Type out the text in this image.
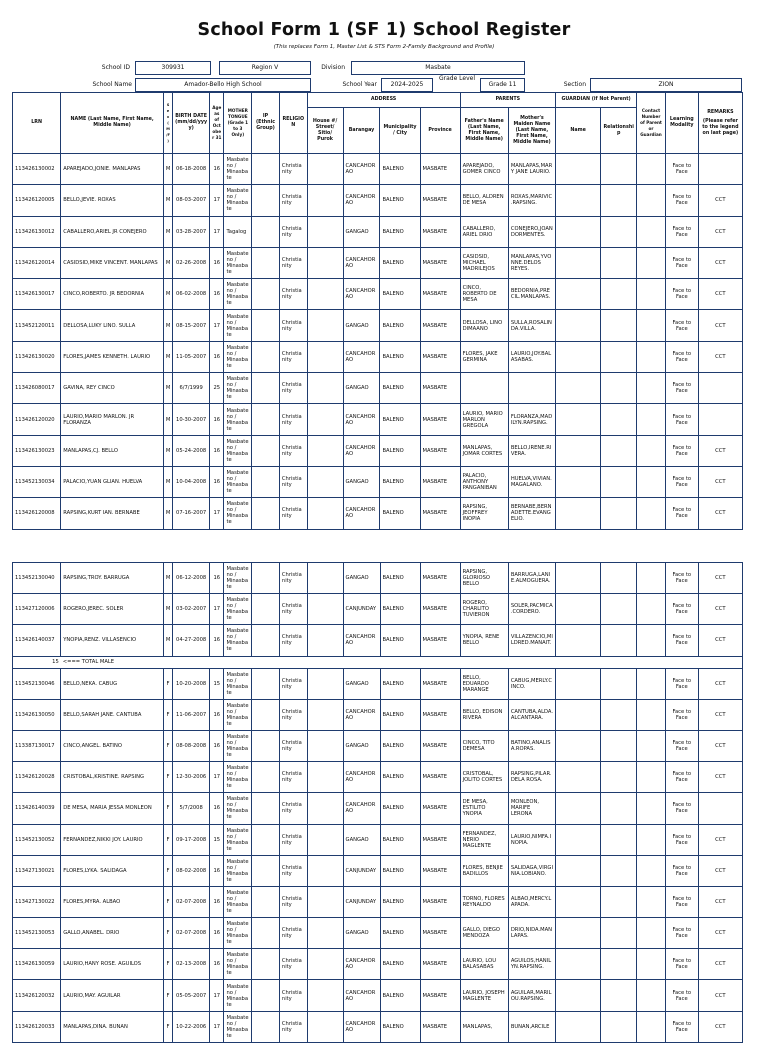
School Form 1 (SF 1) School Register
(This replaces Form 1, Master List & STS Form 2-Family Background and Profile)
School ID	309931	Region V	Division	Masbate
School Name	Amador-Bello High School	School Year	2024-2025
Grade Level
Grade 11	Section	ZION
LRN	NAME (Last Name, First Name, Middle Name)	Sex (M/F)	BIRTH DATE (mm/dd/yyyy)	Age as of October 31	MOTHER TONGUE (Grade 1 to 3 Only)	IP (Ethnic Group)	RELIGION	ADDRESS				PARENTS		GUARDIAN (if Not Parent)		Contact Number of Parent or Guardian	Learning Modality	REMARKS
(Please refer to the legend on last page)

								House #/ Street/ Sitio/ Purok	Barangay	Municipality / City	Province	Father's Name (Last Name, First Name, Middle Name)	Mother's Maiden Name (Last Name, First Name, Middle Name)	Name	Relationship			
113426130002	APAREJADO,JONIE. MANLAPAS	M	06-18-2008	16	Masbateno / Minasbate		Christianity		CANCAHORAO	BALENO	MASBATE	APAREJADO, GOMER CINCO	MANLAPAS,MARY JANE LAURIO.				Face to Face	
113426120005	BELLO,JEVIE. ROXAS	M	08-03-2007	17	Masbateno / Minasbate		Christianity		CANCAHORAO	BALENO	MASBATE	BELLO, ALDREN DE MESA	ROXAS,MARIVIC.RAPSING.				Face to Face	CCT
113426130012	CABALLERO,ARIEL JR CONEJERO	M	03-28-2007	17	Tagalog		Christianity		GANGAO	BALENO	MASBATE	CABALLERO, ARIEL DRIO	CONEJERO,JOAN DORMENTES.				Face to Face	CCT
113426120014	CASIDSID,MIKE VINCENT. MANLAPAS	M	02-26-2008	16	Masbateno / Minasbate		Christianity		CANCAHORAO	BALENO	MASBATE	CASIDSID, MICHAEL MADRILEJOS	MANLAPAS,YVONNE.DELOS REYES.				Face to Face	CCT
113426130017	CINCO,ROBERTO. JR BEDORNIA	M	06-02-2008	16	Masbateno / Minasbate		Christianity		CANCAHORAO	BALENO	MASBATE	CINCO, ROBERTO DE MESA	BEDORNIA,PRECIL.MANLAPAS.				Face to Face	CCT
113452120011	DELLOSA,LUKY LINO. SULLA	M	08-15-2007	17	Masbateno / Minasbate		Christianity		GANGAO	BALENO	MASBATE	DELLOSA, LINO DIMAANO	SULLA,ROSALINDA.VILLA.				Face to Face	CCT
113426130020	FLORES,JAMES KENNETH. LAURIO	M	11-05-2007	16	Masbateno / Minasbate		Christianity		CANCAHORAO	BALENO	MASBATE	FLORES, JAKE GERMINA	LAURIO,JOY.BALASABAS.				Face to Face	CCT
113426080017	GAVINA, REY CINCO	M	6/7/1999	25	Masbateno / Minasbate		Christianity		GANGAO	BALENO	MASBATE						Face to Face	
113426120020	LAURIO,MARIO MARLON. JR FLORANZA	M	10-30-2007	16	Masbateno / Minasbate		Christianity		CANCAHORAO	BALENO	MASBATE	LAURIO, MARIO MARLON GREGOLA	FLORANZA,MADILYN.RAPSING.				Face to Face	
113426130023	MANLAPAS,CJ. BELLO	M	05-24-2008	16	Masbateno / Minasbate		Christianity		CANCAHORAO	BALENO	MASBATE	MANLAPAS, JOMAR CORTES	BELLO,IRENE.RIVERA.				Face to Face	CCT
113452130034	PALACIO,YUAN GLIAN. HUELVA	M	10-04-2008	16	Masbateno / Minasbate		Christianity		GANGAO	BALENO	MASBATE	PALACIO, ANTHONY PANGANIBAN	HUELVA,VIVIAN.MAGALANO.				Face to Face	CCT
113426120008	RAPSING,KURT IAN. BERNABE	M	07-16-2007	17	Masbateno / Minasbate		Christianity		CANCAHORAO	BALENO	MASBATE	RAPSING, JEOFFREY INOPIA	BERNABE,BERNADETTE.EVANGELIO.				Face to Face	CCT
113452130040	RAPSING,TROY. BARRUGA	M	06-12-2008	16	Masbateno / Minasbate		Christianity		GANGAO	BALENO	MASBATE	RAPSING, GLORIOSO BELLO	BARRUGA,LANIE.ALMOGUERA.				Face to Face	CCT
113427120006	ROGERO,JEREC. SOLER	M	03-02-2007	17	Masbateno / Minasbate		Christianity		CANJUNDAY	BALENO	MASBATE	ROGERO, CHARLITO TUVIERON	SOLER,PACMICA.CORDERO.				Face to Face	CCT
113426140037	YNOPIA,RENZ. VILLASENCIO	M	04-27-2008	16	Masbateno / Minasbate		Christianity		CANCAHORAO	BALENO	MASBATE	YNOPIA, RENE BELLO	VILLAZENCIO,MILDRED.MANAIT.				Face to Face	CCT
15	<=== TOTAL MALE																	
113452130046	BELLO,NEKA. CABUG	F	10-20-2008	15	Masbateno / Minasbate		Christianity		GANGAO	BALENO	MASBATE	BELLO, EDUARDO MARANGE	CABUG,MERLY.CINCO.				Face to Face	CCT
113426130050	BELLO,SARAH JANE. CANTUBA	F	11-06-2007	16	Masbateno / Minasbate		Christianity		CANCAHORAO	BALENO	MASBATE	BELLO, EDISON RIVERA	CANTUBA,ALDA.ALCANTARA.				Face to Face	CCT
113387130017	CINCO,ANGEL. BATINO	F	08-08-2008	16	Masbateno / Minasbate		Christianity		GANGAO	BALENO	MASBATE	CINCO, TITO DEMESA	BATINO,ANALISA.ROPAS.				Face to Face	CCT
113426120028	CRISTOBAL,KRISTINE. RAPSING	F	12-30-2006	17	Masbateno / Minasbate		Christianity		CANCAHORAO	BALENO	MASBATE	CRISTOBAL, JOLITO CORTES	RAPSING,PILAR.DELA ROSA.				Face to Face	CCT
113426140039	DE MESA, MARIA JESSA MONLEON	F	5/7/2008	16	Masbateno / Minasbate		Christianity		CANCAHORAO	BALENO	MASBATE	DE MESA, ESTILITO YNOPIA	MONLEON, MARIFE LERONA				Face to Face	
113452130052	FERNANDEZ,NIKKI JOY. LAURIO	F	09-17-2008	15	Masbateno / Minasbate		Christianity		GANGAO	BALENO	MASBATE	FERNANDEZ, NERIO MAGLENTE	LAURIO,NIMFA.INOPIA.				Face to Face	CCT
113427130021	FLORES,LYKA. SALIDAGA	F	08-02-2008	16	Masbateno / Minasbate		Christianity		CANJUNDAY	BALENO	MASBATE	FLORES, BENJIE BADILLOS	SALIDAGA,VIRGINIA.LOBIANO.				Face to Face	CCT
113427130022	FLORES,MYRA. ALBAO	F	02-07-2008	16	Masbateno / Minasbate		Christianity		CANJUNDAY	BALENO	MASBATE	TORNO, FLORES REYNALDO	ALBAO,MERCY.LAPADA.				Face to Face	CCT
113452130053	GALLO,ANABEL. DRIO	F	02-07-2008	16	Masbateno / Minasbate		Christianity		GANGAO	BALENO	MASBATE	GALLO, DIEGO MENDOZA	DRIO,NIDA.MANLAPAS.				Face to Face	CCT
113426130059	LAURIO,HANY ROSE. AGUILOS	F	02-13-2008	16	Masbateno / Minasbate		Christianity		CANCAHORAO	BALENO	MASBATE	LAURIO, LOU BALASABAS	AGUILOS,HANILYN.RAPSING.				Face to Face	CCT
113426120032	LAURIO,MAY. AGUILAR	F	05-05-2007	17	Masbateno / Minasbate		Christianity		CANCAHORAO	BALENO	MASBATE	LAURIO, JOSEPH MAGLENTE	AGUILAR,MARILOU.RAPSING.				Face to Face	CCT
113426120033	MANLAPAS,DINA. BUNAN	F	10-22-2006	17	Masbateno / Minasbate		Christianity		CANCAHORAO	BALENO	MASBATE	MANLAPAS,	BUNAN,ARCILE				Face to Face	CCT
